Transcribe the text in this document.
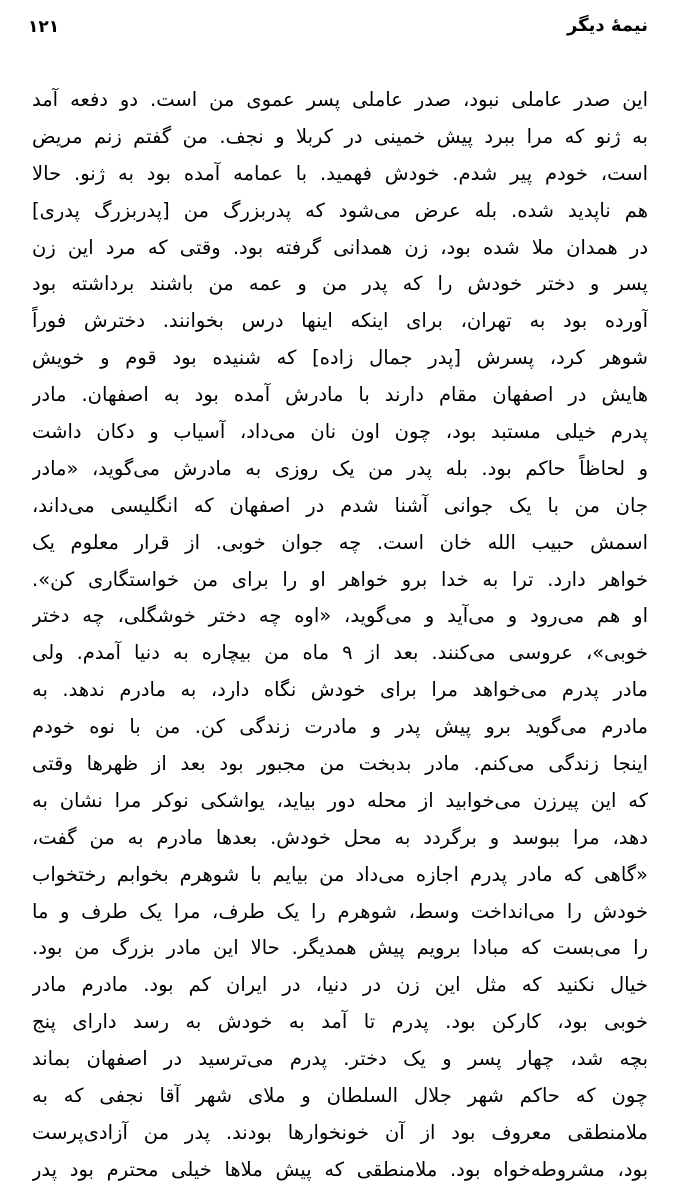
۱۲۱	نیمهٔ دیگر
این صدر عاملی نبود، صدر عاملی پسر عموی من است. دو دفعه آمد
به ژنو که مرا ببرد پیش خمینی در کربلا و نجف. من گفتم زنم مریض
است، خودم پیر شدم. خودش فهمید. با عمامه آمده بود به ژنو. حالا
هم ناپدید شده. بله عرض می‌شود که پدربزرگ من [پدربزرگ پدری]
در همدان ملا شده بود، زن همدانی گرفته بود. وقتی که مرد این زن
پسر و دختر خودش را که پدر من و عمه من باشند برداشته بود
آورده بود به تهران، برای اینکه اینها درس بخوانند. دخترش فوراً
شوهر کرد، پسرش [پدر جمال زاده] که شنیده بود قوم و خویش
هایش در اصفهان مقام دارند با مادرش آمده بود به اصفهان. مادر
پدرم خیلی مستبد بود، چون اون نان می‌داد، آسیاب و دکان داشت
و لحاظاً حاکم بود. بله پدر من یک روزی به مادرش می‌گوید، «مادر
جان من با یک جوانی آشنا شدم در اصفهان که انگلیسی می‌داند،
اسمش حبیب الله خان است. چه جوان خوبی. از قرار معلوم یک
خواهر دارد. ترا به خدا برو خواهر او را برای من خواستگاری کن».
او هم می‌رود و می‌آید و می‌گوید، «اوه چه دختر خوشگلی، چه دختر
خوبی»، عروسی می‌کنند. بعد از ۹ ماه من بیچاره به دنیا آمدم. ولی
مادر پدرم می‌خواهد مرا برای خودش نگاه دارد، به مادرم ندهد. به
مادرم می‌گوید برو پیش پدر و مادرت زندگی کن. من با نوه خودم
اینجا زندگی می‌کنم. مادر بدبخت من مجبور بود بعد از ظهرها وقتی
که این پیرزن می‌خوابید از محله دور بیاید، یواشکی نوکر مرا نشان به
دهد، مرا ببوسد و برگردد به محل خودش. بعدها مادرم به من گفت،
«گاهی که مادر پدرم اجازه می‌داد من بیایم با شوهرم بخوابم رختخواب
خودش را می‌انداخت وسط، شوهرم را یک طرف، مرا یک طرف و ما
را می‌بست که مبادا برویم پیش همدیگر. حالا این مادر بزرگ من بود.
خیال نکنید که مثل این زن در دنیا، در ایران کم بود. مادرم مادر
خوبی بود، کارکن بود. پدرم تا آمد به خودش به رسد دارای پنج
بچه شد، چهار پسر و یک دختر. پدرم می‌ترسید در اصفهان بماند
چون که حاکم شهر جلال السلطان و ملای شهر آقا نجفی که به
ملامنطقی معروف بود از آن خونخوارها بودند. پدر من آزادی‌پرست
بود، مشروطه‌خواه بود. ملامنطقی که پیش ملاها خیلی محترم بود پدر
